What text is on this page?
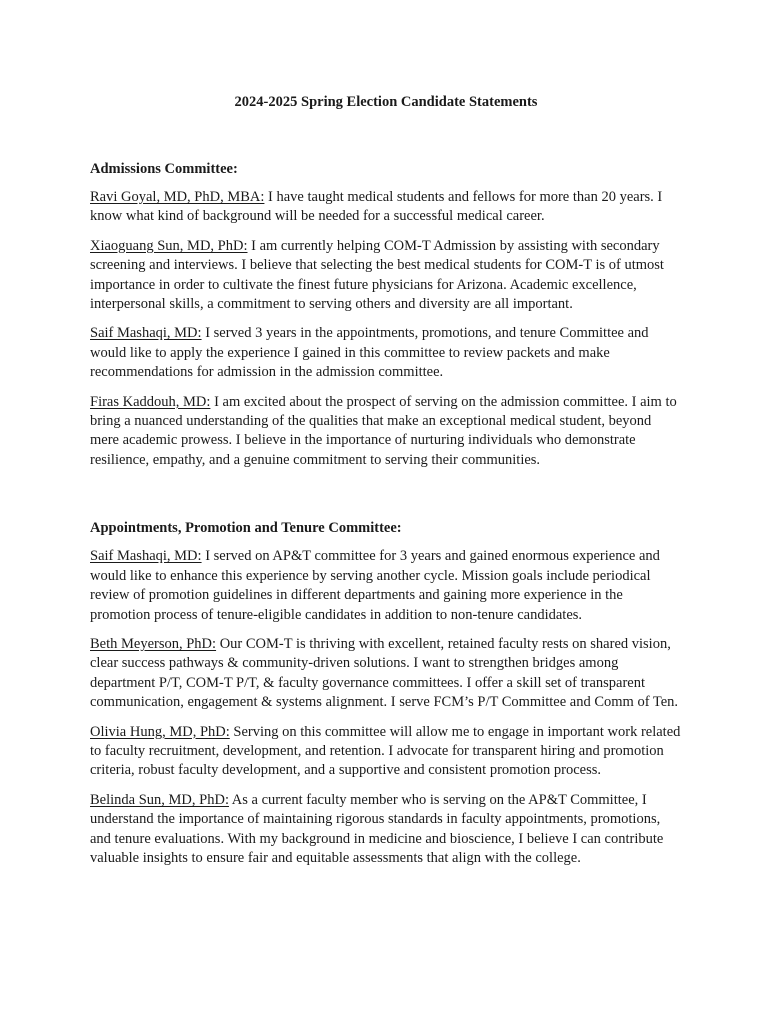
2024-2025 Spring Election Candidate Statements
Admissions Committee:

Ravi Goyal, MD, PhD, MBA: I have taught medical students and fellows for more than 20 years. I know what kind of background will be needed for a successful medical career.

Xiaoguang Sun, MD, PhD: I am currently helping COM-T Admission by assisting with secondary screening and interviews. I believe that selecting the best medical students for COM-T is of utmost importance in order to cultivate the finest future physicians for Arizona. Academic excellence, interpersonal skills, a commitment to serving others and diversity are all important.

Saif Mashaqi, MD: I served 3 years in the appointments, promotions, and tenure Committee and would like to apply the experience I gained in this committee to review packets and make recommendations for admission in the admission committee.

Firas Kaddouh, MD: I am excited about the prospect of serving on the admission committee. I aim to bring a nuanced understanding of the qualities that make an exceptional medical student, beyond mere academic prowess. I believe in the importance of nurturing individuals who demonstrate resilience, empathy, and a genuine commitment to serving their communities.

Appointments, Promotion and Tenure Committee:

Saif Mashaqi, MD: I served on AP&T committee for 3 years and gained enormous experience and would like to enhance this experience by serving another cycle. Mission goals include periodical review of promotion guidelines in different departments and gaining more experience in the promotion process of tenure-eligible candidates in addition to non-tenure candidates.

Beth Meyerson, PhD: Our COM-T is thriving with excellent, retained faculty rests on shared vision, clear success pathways & community-driven solutions. I want to strengthen bridges among department P/T, COM-T P/T, & faculty governance committees. I offer a skill set of transparent communication, engagement & systems alignment. I serve FCM’s P/T Committee and Comm of Ten.

Olivia Hung, MD, PhD: Serving on this committee will allow me to engage in important work related to faculty recruitment, development, and retention. I advocate for transparent hiring and promotion criteria, robust faculty development, and a supportive and consistent promotion process.

Belinda Sun, MD, PhD: As a current faculty member who is serving on the AP&T Committee, I understand the importance of maintaining rigorous standards in faculty appointments, promotions, and tenure evaluations. With my background in medicine and bioscience, I believe I can contribute valuable insights to ensure fair and equitable assessments that align with the college.
